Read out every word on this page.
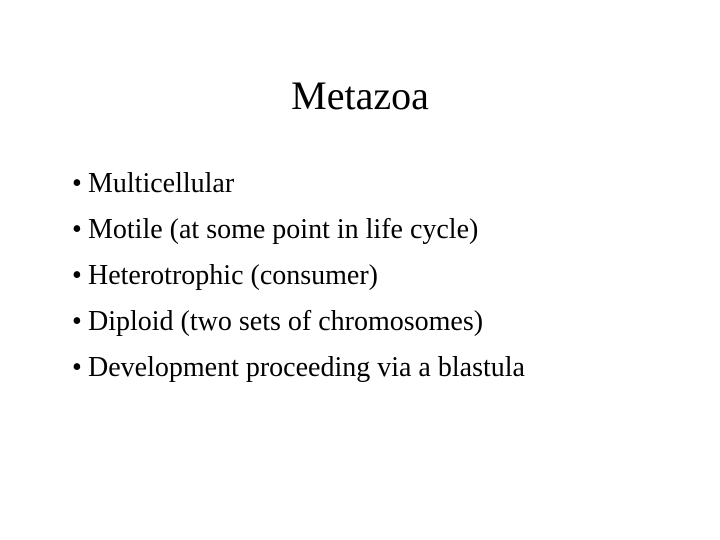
Metazoa
• Multicellular
• Motile (at some point in life cycle)
• Heterotrophic (consumer)
• Diploid (two sets of chromosomes)
• Development proceeding via a blastula
